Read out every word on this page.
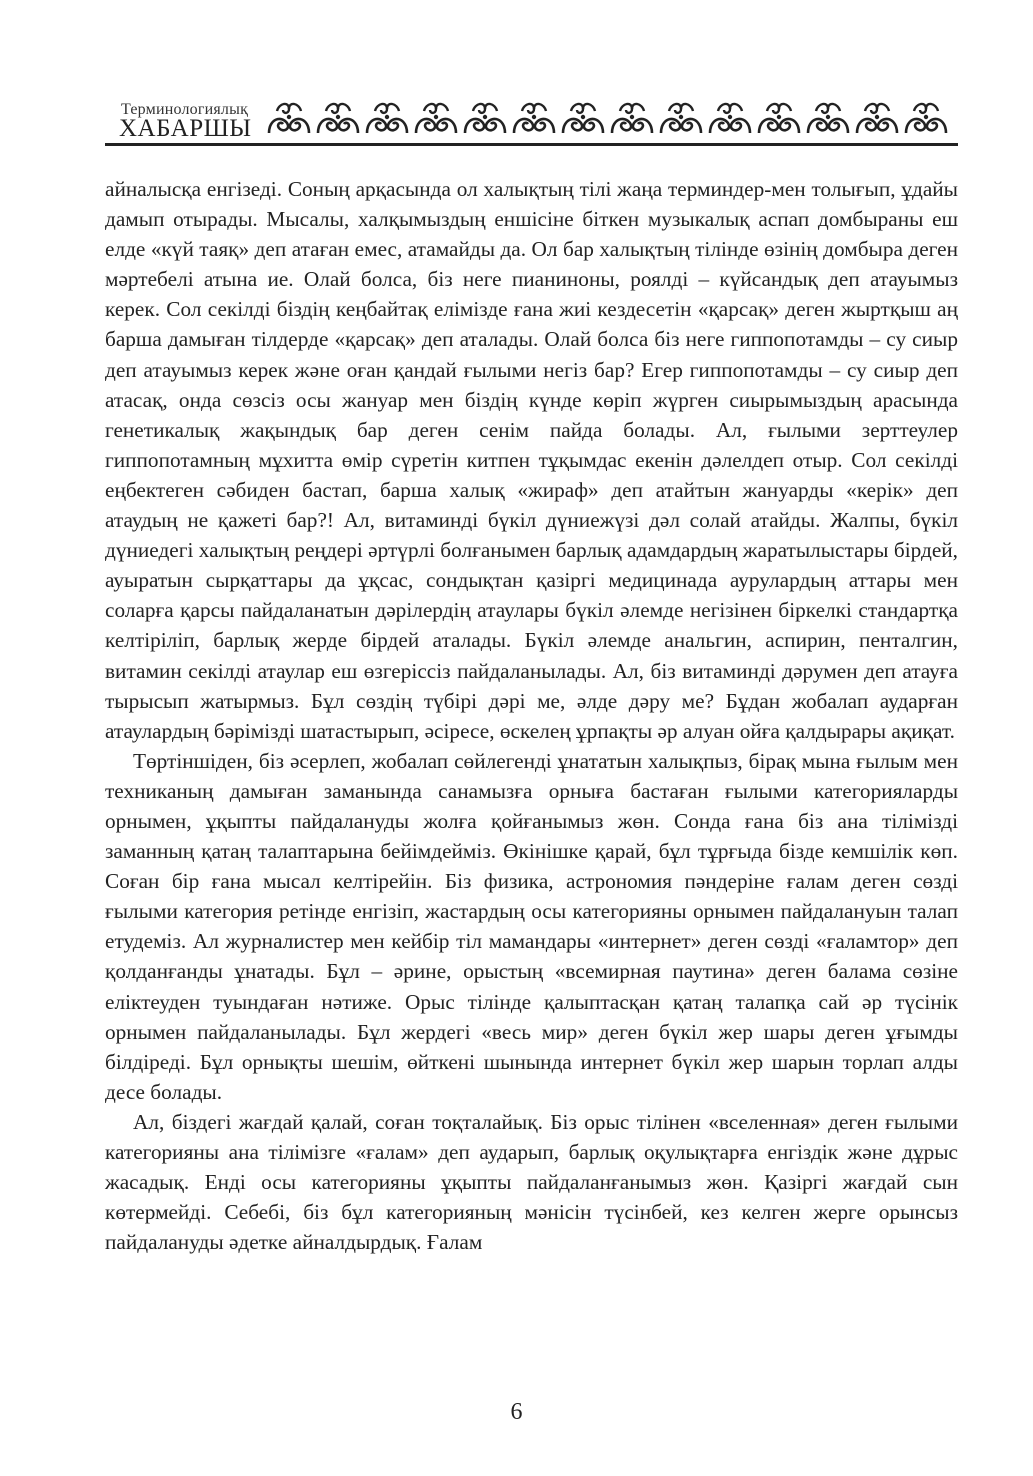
Терминологиялық
ХАБАРШЫ

айналысқа енгізеді. Соның арқасында ол халықтың тілі жаңа терминдер-мен толығып, ұдайы дамып отырады. Мысалы, халқымыздың еншісіне біткен музыкалық аспап домбыраны еш елде «күй таяқ» деп атаған емес, атамайды да. Ол бар халықтың тілінде өзінің домбыра деген мәртебелі атына ие. Олай болса, біз неге пианиноны, роялді – күйсандық деп атауымыз керек. Сол секілді біздің кеңбайтақ елімізде ғана жиі кездесетін «қарсақ» деген жыртқыш аң барша дамыған тілдерде «қарсақ» деп аталады. Олай болса біз неге гиппопотамды – су сиыр деп атауымыз керек және оған қандай ғылыми негіз бар? Егер гиппопотамды – су сиыр деп атасақ, онда сөзсіз осы жануар мен біздің күнде көріп жүрген сиырымыздың арасында генетикалық жақындық бар деген сенім пайда болады. Ал, ғылыми зерттеулер гиппопотамның мұхитта өмір сүретін китпен тұқымдас екенін дәлелдеп отыр. Сол секілді еңбектеген сәбиден бастап, барша халық «жираф» деп атайтын жануарды «керік» деп атаудың не қажеті бар?! Ал, витаминді бүкіл дүниежүзі дәл солай атайды. Жалпы, бүкіл дүниедегі халықтың реңдері әртүрлі болғанымен барлық адамдардың жаратылыстары бірдей, ауыратын сырқаттары да ұқсас, сондықтан қазіргі медицинада аурулардың аттары мен соларға қарсы пайдаланатын дәрілердің атаулары бүкіл әлемде негізінен біркелкі стандартқа келтіріліп, барлық жерде бірдей аталады. Бүкіл әлемде анальгин, аспирин, пенталгин, витамин секілді атаулар еш өзгеріссіз пайдаланылады. Ал, біз витаминді дәрумен деп атауға тырысып жатырмыз. Бұл сөздің түбірі дәрі ме, әлде дәру ме? Бұдан жобалап аударған атаулардың бәрімізді шатастырып, әсіресе, өскелең ұрпақты әр алуан ойға қалдырары ақиқат.

Төртіншіден, біз әсерлеп, жобалап сөйлегенді ұнататын халықпыз, бірақ мына ғылым мен техниканың дамыған заманында санамызға орныға бастаған ғылыми категорияларды орнымен, ұқыпты пайдалануды жолға қойғанымыз жөн. Сонда ғана біз ана тілімізді заманның қатаң талаптарына бейімдейміз. Өкінішке қарай, бұл тұрғыда бізде кемшілік көп. Соған бір ғана мысал келтірейін. Біз физика, астрономия пәндеріне ғалам деген сөзді ғылыми категория ретінде енгізіп, жастардың осы категорияны орнымен пайдалануын талап етудеміз. Ал журналистер мен кейбір тіл мамандары «интернет» деген сөзді «ғаламтор» деп қолданғанды ұнатады. Бұл – әрине, орыстың «всемирная паутина» деген балама сөзіне еліктеуден туындаған нәтиже. Орыс тілінде қалыптасқан қатаң талапқа сай әр түсінік орнымен пайдаланылады. Бұл жердегі «весь мир» деген бүкіл жер шары деген ұғымды білдіреді. Бұл орнықты шешім, өйткені шынында интернет бүкіл жер шарын торлап алды десе болады.

Ал, біздегі жағдай қалай, соған тоқталайық. Біз орыс тілінен «вселенная» деген ғылыми категорияны ана тілімізге «ғалам» деп аударып, барлық оқулықтарға енгіздік және дұрыс жасадық. Енді осы категорияны ұқыпты пайдаланғанымыз жөн. Қазіргі жағдай сын көтермейді. Себебі, біз бұл категорияның мәнісін түсінбей, кез келген жерге орынсыз пайдалануды әдетке айналдырдық. Ғалам

6
